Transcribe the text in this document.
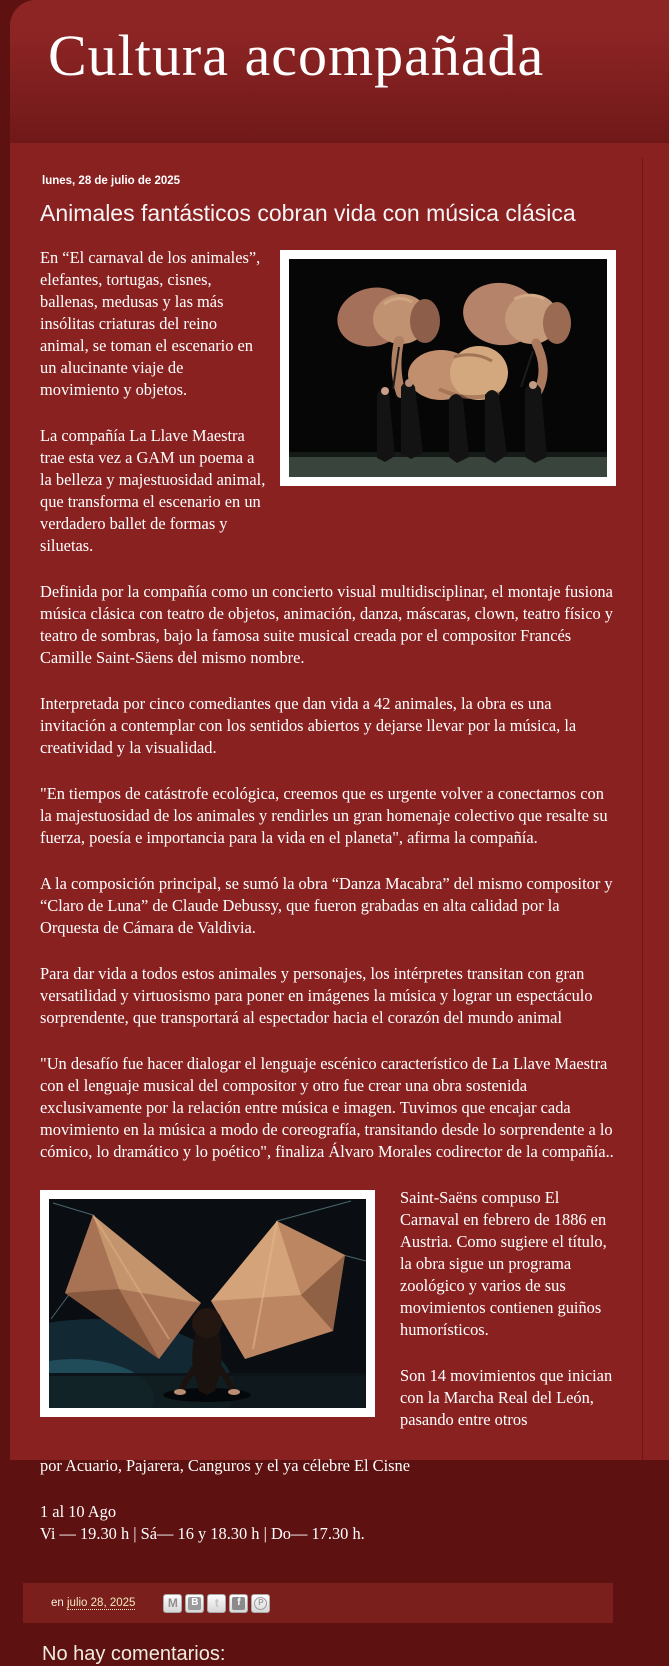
Cultura acompañada
lunes, 28 de julio de 2025
Animales fantásticos cobran vida con música clásica

En “El carnaval de los animales”, elefantes, tortugas, cisnes, ballenas, medusas y las más insólitas criaturas del reino animal, se toman el escenario en un alucinante viaje de movimiento y objetos.

La compañía La Llave Maestra trae esta vez a GAM un poema a la belleza y majestuosidad animal, que transforma el escenario en un verdadero ballet de formas y siluetas.

Definida por la compañía como un concierto visual multidisciplinar, el montaje fusiona música clásica con teatro de objetos, animación, danza, máscaras, clown, teatro físico y teatro de sombras, bajo la famosa suite musical creada por el compositor Francés Camille Saint-Säens del mismo nombre.

Interpretada por cinco comediantes que dan vida a 42 animales, la obra es una invitación a contemplar con los sentidos abiertos y dejarse llevar por la música, la creatividad y la visualidad.

"En tiempos de catástrofe ecológica, creemos que es urgente volver a conectarnos con la majestuosidad de los animales y rendirles un gran homenaje colectivo que resalte su fuerza, poesía e importancia para la vida en el planeta", afirma la compañía.

A la composición principal, se sumó la obra “Danza Macabra” del mismo compositor y “Claro de Luna” de Claude Debussy, que fueron grabadas en alta calidad por la Orquesta de Cámara de Valdivia.

Para dar vida a todos estos animales y personajes, los intérpretes transitan con gran versatilidad y virtuosismo para poner en imágenes la música y lograr un espectáculo sorprendente, que transportará al espectador hacia el corazón del mundo animal

"Un desafío fue hacer dialogar el lenguaje escénico característico de La Llave Maestra con el lenguaje musical del compositor y otro fue crear una obra sostenida exclusivamente por la relación entre música e imagen. Tuvimos que encajar cada movimiento en la música a modo de coreografía, transitando desde lo sorprendente a lo cómico, lo dramático y lo poético", finaliza Álvaro Morales codirector de la compañía..

Saint-Saëns compuso El Carnaval en febrero de 1886 en Austria. Como sugiere el título, la obra sigue un programa zoológico y varios de sus movimientos contienen guiños humorísticos.

Son 14 movimientos que inician con la Marcha Real del León, pasando entre otros

por Acuario, Pajarera, Canguros y el ya célebre El Cisne

1 al 10 Ago
Vi — 19.30 h | Sá— 16 y 18.30 h | Do— 17.30 h.

en julio 28, 2025	M B t	f	P
No hay comentarios:
